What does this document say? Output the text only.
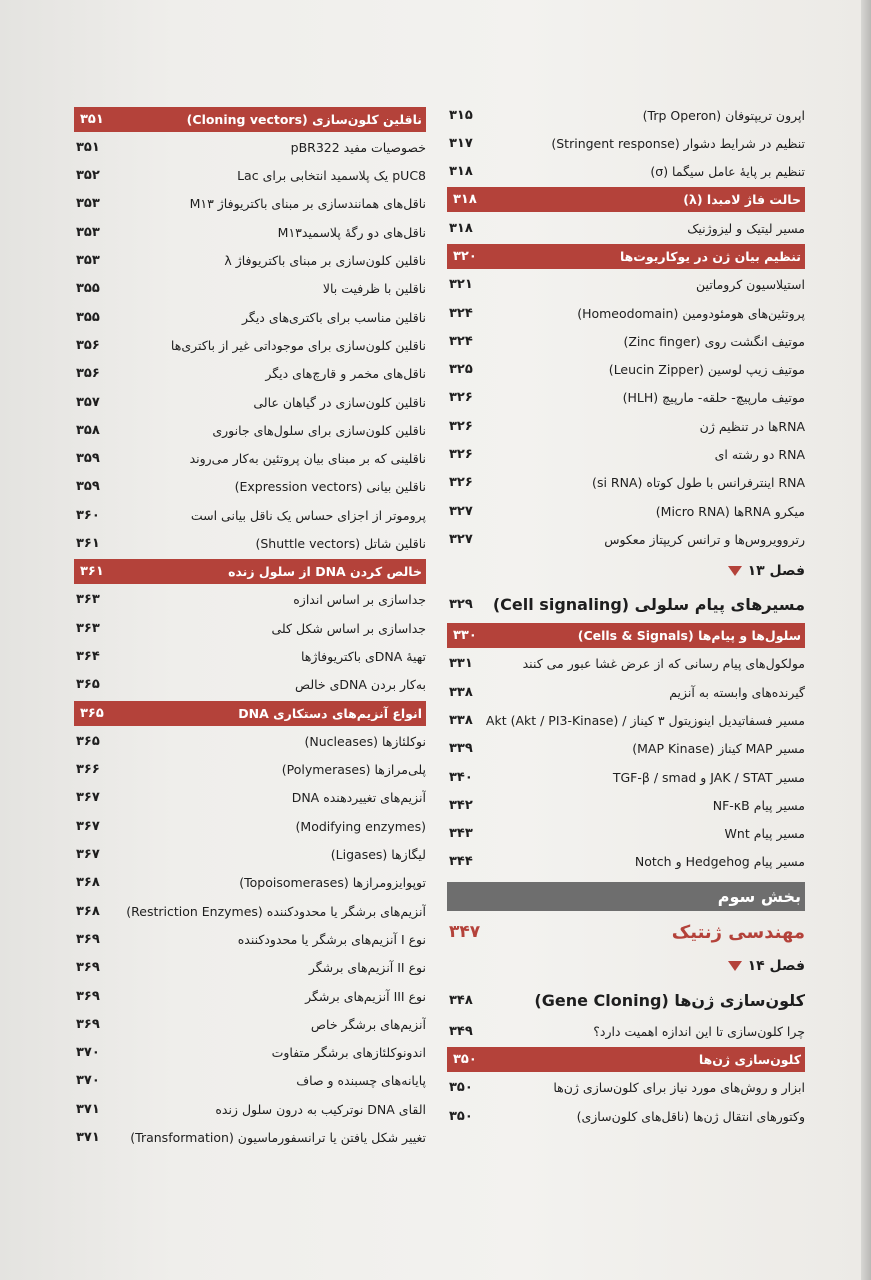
اپرون تریپتوفان (Trp Operon)
۳۱۵
تنظیم در شرایط دشوار (Stringent response)
۳۱۷
تنظیم بر پایهٔ عامل سیگما (σ)
۳۱۸
حالت فاژ لامبدا (λ)
۳۱۸
مسیر لیتیک و لیزوژنیک
۳۱۸
تنظیم بیان ژن در یوکاریوت‌ها
۳۲۰
استیلاسیون کروماتین
۳۲۱
پروتئین‌های هومئودومین (Homeodomain)
۳۲۴
موتیف انگشت روی (Zinc finger)
۳۲۴
موتیف زیپ لوسین (Leucin Zipper)
۳۲۵
موتیف مارپیچ- حلقه- مارپیچ (HLH)
۳۲۶
RNAها در تنظیم ژن
۳۲۶
RNA دو رشته ای
۳۲۶
RNA اینترفرانس با طول کوتاه (si RNA)
۳۲۶
میکرو RNAها (Micro RNA)
۳۲۷
رتروویروس‌ها و ترانس کریپتاز معکوس
۳۲۷
فصل ۱۳
مسیرهای پیام سلولی (Cell signaling)
۳۲۹
سلول‌ها و پیام‌ها (Cells & Signals)
۳۳۰
مولکول‌های پیام رسانی که از عرض غشا عبور می کنند
۳۳۱
گیرنده‌های وابسته به آنزیم
۳۳۸
مسیر فسفاتیدیل اینوزیتول ۳ کیناز / Akt (Akt / PI3-Kinase)
۳۳۸
مسیر MAP کیناز (MAP Kinase)
۳۳۹
مسیر JAK / STAT و TGF-β / smad
۳۴۰
مسیر پیام NF-κB
۳۴۲
مسیر پیام Wnt
۳۴۳
مسیر پیام Hedgehog و Notch
۳۴۴
بخش سوم
مهندسی ژنتیک
۳۴۷
فصل ۱۴
کلون‌سازی ژن‌ها (Gene Cloning)
۳۴۸
چرا کلون‌سازی تا این اندازه اهمیت دارد؟
۳۴۹
کلون‌سازی ژن‌ها
۳۵۰
ابزار و روش‌های مورد نیاز برای کلون‌سازی ژن‌ها
۳۵۰
وکتورهای انتقال ژن‌ها (ناقل‌های کلون‌سازی)
۳۵۰
ناقلین کلون‌سازی (Cloning vectors)
۳۵۱
خصوصیات مفید pBR322
۳۵۱
pUC8 یک پلاسمید انتخابی برای Lac
۳۵۲
ناقل‌های همانندسازی بر مبنای باکتریوفاژ M۱۳
۳۵۳
ناقل‌های دو رگهٔ پلاسمیدM۱۳
۳۵۳
ناقلین کلون‌سازی بر مبنای باکتریوفاژ λ
۳۵۳
ناقلین با ظرفیت بالا
۳۵۵
ناقلین مناسب برای باکتری‌های دیگر
۳۵۵
ناقلین کلون‌سازی برای موجوداتی غیر از باکتری‌ها
۳۵۶
ناقل‌های مخمر و قارچ‌های دیگر
۳۵۶
ناقلین کلون‌سازی در گیاهان عالی
۳۵۷
ناقلین کلون‌سازی برای سلول‌های جانوری
۳۵۸
ناقلینی که بر مبنای بیان پروتئین به‌کار می‌روند
۳۵۹
ناقلین بیانی (Expression vectors)
۳۵۹
پروموتر از اجزای حساس یک ناقل بیانی است
۳۶۰
ناقلین شاتل (Shuttle vectors)
۳۶۱
خالص کردن DNA از سلول زنده
۳۶۱
جداسازی بر اساس اندازه
۳۶۳
جداسازی بر اساس شکل کلی
۳۶۳
تهیهٔ DNAی باکتریوفاژها
۳۶۴
به‌کار بردن DNAی خالص
۳۶۵
انواع آنزیم‌های دستکاری DNA
۳۶۵
نوکلئازها (Nucleases)
۳۶۵
پلی‌مرازها (Polymerases)
۳۶۶
آنزیم‌های تغییردهنده DNA
۳۶۷
(Modifying enzymes)
۳۶۷
لیگازها (Ligases)
۳۶۷
توپوایزومرازها (Topoisomerases)
۳۶۸
آنزیم‌های برشگر یا محدودکننده (Restriction Enzymes)
۳۶۸
نوع I آنزیم‌های برشگر یا محدودکننده
۳۶۹
نوع II آنزیم‌های برشگر
۳۶۹
نوع III آنزیم‌های برشگر
۳۶۹
آنزیم‌های برشگر خاص
۳۶۹
اندونوکلئازهای برشگر متفاوت
۳۷۰
پایانه‌های چسبنده و صاف
۳۷۰
القای DNA نوترکیب به درون سلول زنده
۳۷۱
تغییر شکل یافتن یا ترانسفورماسیون (Transformation)
۳۷۱
